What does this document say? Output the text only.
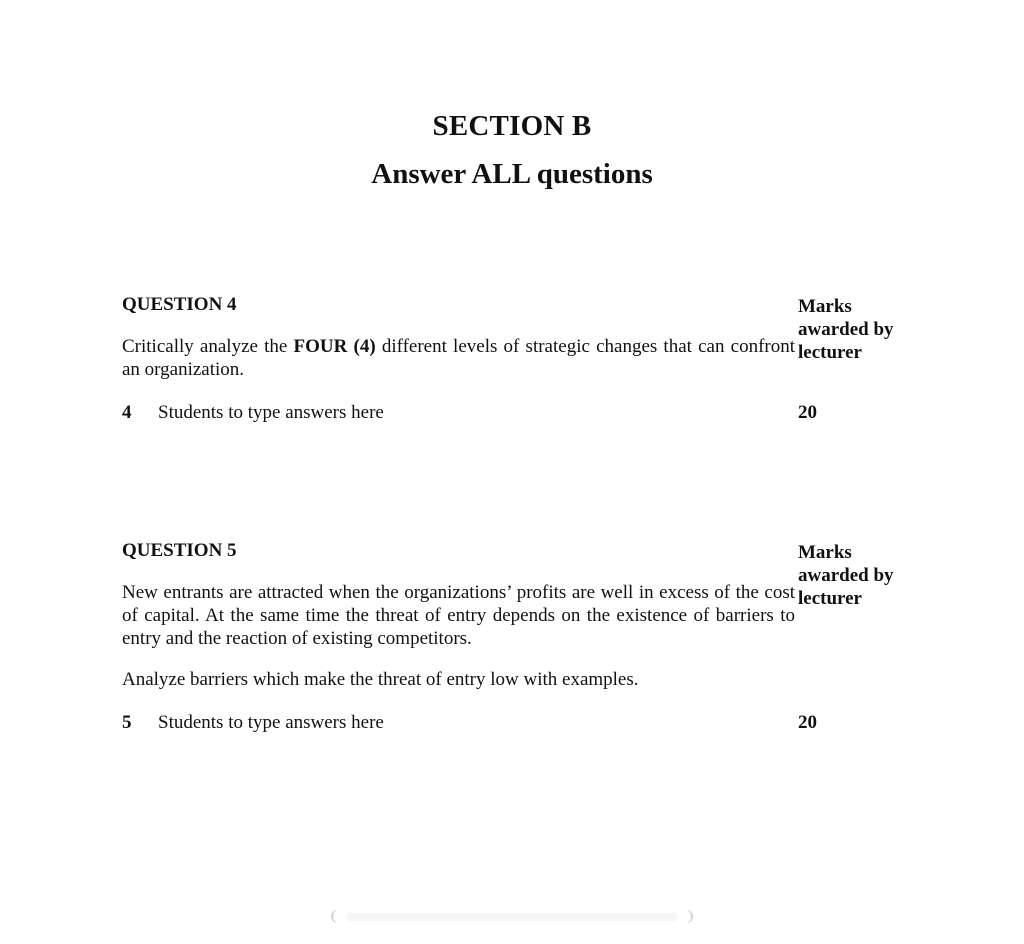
SECTION B
Answer ALL questions
QUESTION 4	Marks awarded by lecturer
Critically analyze the FOUR (4) different levels of strategic changes that can confront an organization.
4 Students to type answers here	20
QUESTION 5	Marks awarded by lecturer
New entrants are attracted when the organizations’ profits are well in excess of the cost of capital. At the same time the threat of entry depends on the existence of barriers to entry and the reaction of existing competitors.
Analyze barriers which make the threat of entry low with examples.
5 Students to type answers here	20
❨	❩
